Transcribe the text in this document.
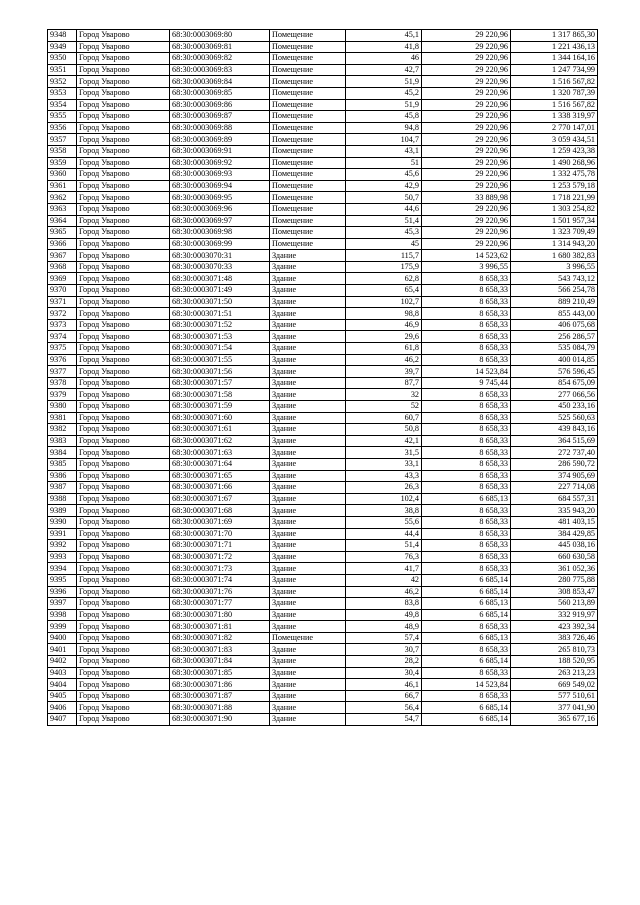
9348	Город Уварово	68:30:0003069:80	Помещение	45,1	29 220,96	1 317 865,30
9349	Город Уварово	68:30:0003069:81	Помещение	41,8	29 220,96	1 221 436,13
9350	Город Уварово	68:30:0003069:82	Помещение	46	29 220,96	1 344 164,16
9351	Город Уварово	68:30:0003069:83	Помещение	42,7	29 220,96	1 247 734,99
9352	Город Уварово	68:30:0003069:84	Помещение	51,9	29 220,96	1 516 567,82
9353	Город Уварово	68:30:0003069:85	Помещение	45,2	29 220,96	1 320 787,39
9354	Город Уварово	68:30:0003069:86	Помещение	51,9	29 220,96	1 516 567,82
9355	Город Уварово	68:30:0003069:87	Помещение	45,8	29 220,96	1 338 319,97
9356	Город Уварово	68:30:0003069:88	Помещение	94,8	29 220,96	2 770 147,01
9357	Город Уварово	68:30:0003069:89	Помещение	104,7	29 220,96	3 059 434,51
9358	Город Уварово	68:30:0003069:91	Помещение	43,1	29 220,96	1 259 423,38
9359	Город Уварово	68:30:0003069:92	Помещение	51	29 220,96	1 490 268,96
9360	Город Уварово	68:30:0003069:93	Помещение	45,6	29 220,96	1 332 475,78
9361	Город Уварово	68:30:0003069:94	Помещение	42,9	29 220,96	1 253 579,18
9362	Город Уварово	68:30:0003069:95	Помещение	50,7	33 889,98	1 718 221,99
9363	Город Уварово	68:30:0003069:96	Помещение	44,6	29 220,96	1 303 254,82
9364	Город Уварово	68:30:0003069:97	Помещение	51,4	29 220,96	1 501 957,34
9365	Город Уварово	68:30:0003069:98	Помещение	45,3	29 220,96	1 323 709,49
9366	Город Уварово	68:30:0003069:99	Помещение	45	29 220,96	1 314 943,20
9367	Город Уварово	68:30:0003070:31	Здание	115,7	14 523,62	1 680 382,83
9368	Город Уварово	68:30:0003070:33	Здание	175,9	3 996,55	3 996,55
9369	Город Уварово	68:30:0003071:48	Здание	62,8	8 658,33	543 743,12
9370	Город Уварово	68:30:0003071:49	Здание	65,4	8 658,33	566 254,78
9371	Город Уварово	68:30:0003071:50	Здание	102,7	8 658,33	889 210,49
9372	Город Уварово	68:30:0003071:51	Здание	98,8	8 658,33	855 443,00
9373	Город Уварово	68:30:0003071:52	Здание	46,9	8 658,33	406 075,68
9374	Город Уварово	68:30:0003071:53	Здание	29,6	8 658,33	256 286,57
9375	Город Уварово	68:30:0003071:54	Здание	61,8	8 658,33	535 084,79
9376	Город Уварово	68:30:0003071:55	Здание	46,2	8 658,33	400 014,85
9377	Город Уварово	68:30:0003071:56	Здание	39,7	14 523,84	576 596,45
9378	Город Уварово	68:30:0003071:57	Здание	87,7	9 745,44	854 675,09
9379	Город Уварово	68:30:0003071:58	Здание	32	8 658,33	277 066,56
9380	Город Уварово	68:30:0003071:59	Здание	52	8 658,33	450 233,16
9381	Город Уварово	68:30:0003071:60	Здание	60,7	8 658,33	525 560,63
9382	Город Уварово	68:30:0003071:61	Здание	50,8	8 658,33	439 843,16
9383	Город Уварово	68:30:0003071:62	Здание	42,1	8 658,33	364 515,69
9384	Город Уварово	68:30:0003071:63	Здание	31,5	8 658,33	272 737,40
9385	Город Уварово	68:30:0003071:64	Здание	33,1	8 658,33	286 590,72
9386	Город Уварово	68:30:0003071:65	Здание	43,3	8 658,33	374 905,69
9387	Город Уварово	68:30:0003071:66	Здание	26,3	8 658,33	227 714,08
9388	Город Уварово	68:30:0003071:67	Здание	102,4	6 685,13	684 557,31
9389	Город Уварово	68:30:0003071:68	Здание	38,8	8 658,33	335 943,20
9390	Город Уварово	68:30:0003071:69	Здание	55,6	8 658,33	481 403,15
9391	Город Уварово	68:30:0003071:70	Здание	44,4	8 658,33	384 429,85
9392	Город Уварово	68:30:0003071:71	Здание	51,4	8 658,33	445 038,16
9393	Город Уварово	68:30:0003071:72	Здание	76,3	8 658,33	660 630,58
9394	Город Уварово	68:30:0003071:73	Здание	41,7	8 658,33	361 052,36
9395	Город Уварово	68:30:0003071:74	Здание	42	6 685,14	280 775,88
9396	Город Уварово	68:30:0003071:76	Здание	46,2	6 685,14	308 853,47
9397	Город Уварово	68:30:0003071:77	Здание	83,8	6 685,13	560 213,89
9398	Город Уварово	68:30:0003071:80	Здание	49,8	6 685,14	332 919,97
9399	Город Уварово	68:30:0003071:81	Здание	48,9	8 658,33	423 392,34
9400	Город Уварово	68:30:0003071:82	Помещение	57,4	6 685,13	383 726,46
9401	Город Уварово	68:30:0003071:83	Здание	30,7	8 658,33	265 810,73
9402	Город Уварово	68:30:0003071:84	Здание	28,2	6 685,14	188 520,95
9403	Город Уварово	68:30:0003071:85	Здание	30,4	8 658,33	263 213,23
9404	Город Уварово	68:30:0003071:86	Здание	46,1	14 523,84	669 549,02
9405	Город Уварово	68:30:0003071:87	Здание	66,7	8 658,33	577 510,61
9406	Город Уварово	68:30:0003071:88	Здание	56,4	6 685,14	377 041,90
9407	Город Уварово	68:30:0003071:90	Здание	54,7	6 685,14	365 677,16
